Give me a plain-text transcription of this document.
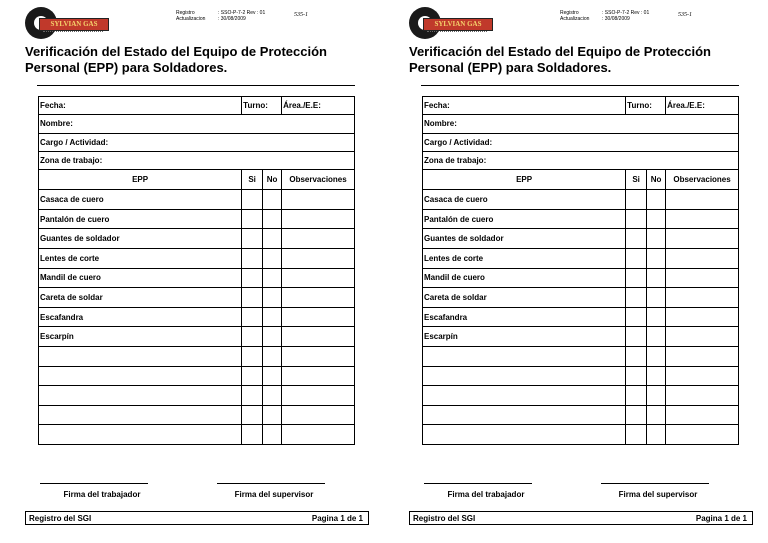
SYLVIAN GAS
Registro
Actualizacion
: SSO-P-7-2 Rev : 01
: 30/08/2009
535-1
Verificación del Estado del Equipo de Protección Personal (EPP) para Soldadores.
Fecha:	Turno:		Área./E.E:
Nombre:			
Cargo / Actividad:			
Zona de trabajo:			
EPP	Si	No	Observaciones
Casaca de cuero			
Pantalón de cuero			
Guantes de soldador			
Lentes de corte			
Mandil de cuero			
Careta de soldar			
Escafandra			
Escarpín			

Firma del trabajador	Firma del supervisor
Registro del SGI	Pagina 1 de 1
SYLVIAN GAS
Registro
Actualizacion
: SSO-P-7-2 Rev : 01
: 30/08/2009
535-1
Verificación del Estado del Equipo de Protección Personal (EPP) para Soldadores.
Fecha:	Turno:		Área./E.E:
Nombre:			
Cargo / Actividad:			
Zona de trabajo:			
EPP	Si	No	Observaciones
Casaca de cuero			
Pantalón de cuero			
Guantes de soldador			
Lentes de corte			
Mandil de cuero			
Careta de soldar			
Escafandra			
Escarpín			

Firma del trabajador	Firma del supervisor
Registro del SGI	Pagina 1 de 1
